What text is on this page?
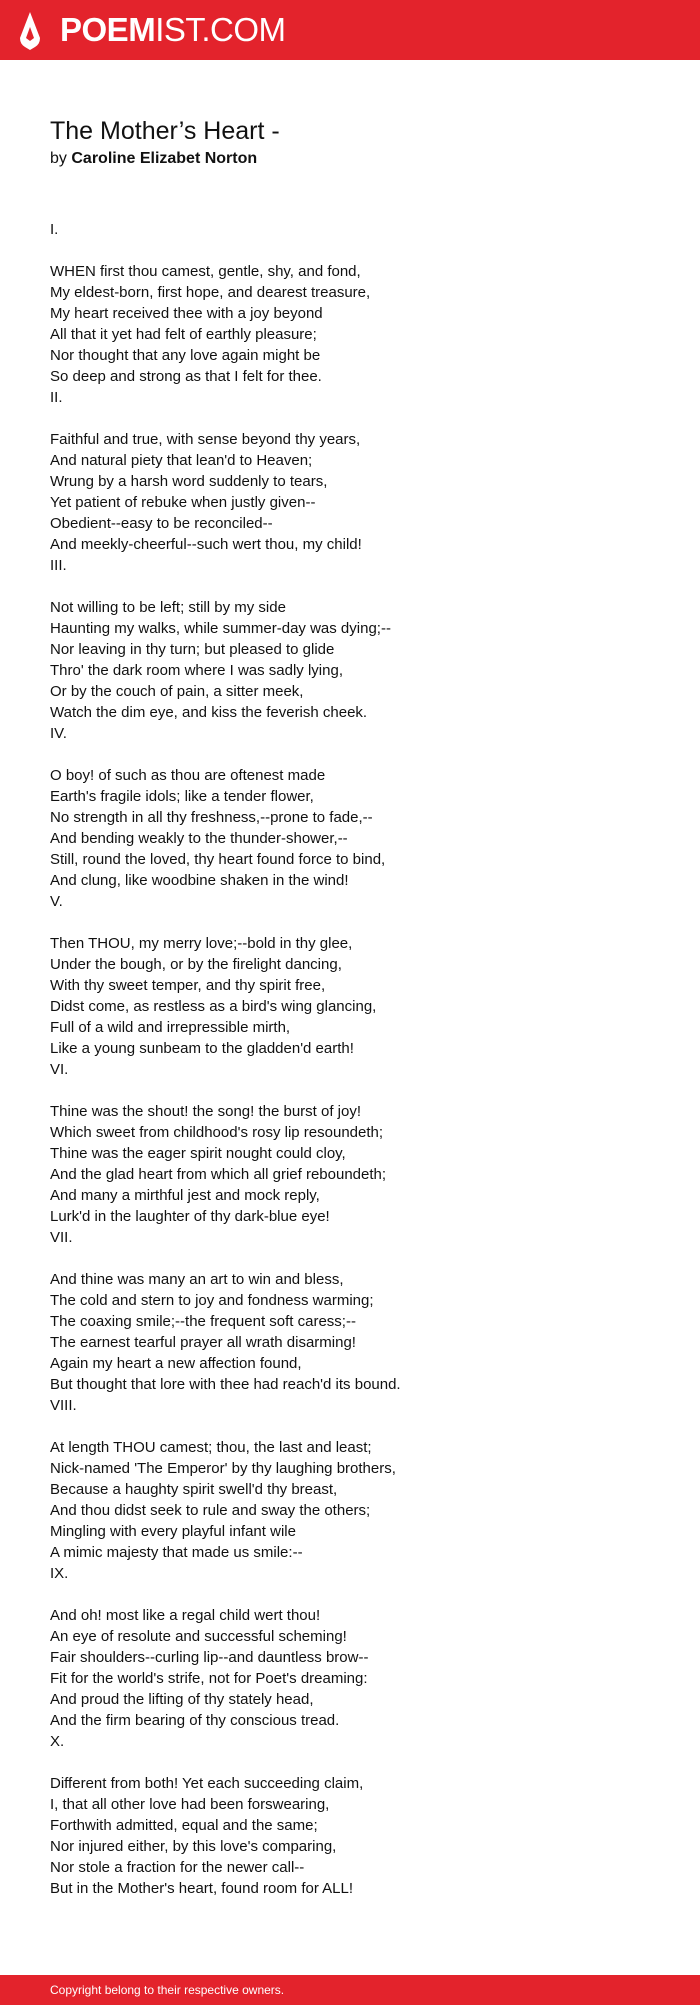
POEMIST.COM
The Mother’s Heart -
by Caroline Elizabet Norton
I.
WHEN first thou camest, gentle, shy, and fond,
My eldest-born, first hope, and dearest treasure,
My heart received thee with a joy beyond
All that it yet had felt of earthly pleasure;
Nor thought that any love again might be
So deep and strong as that I felt for thee.
II.
Faithful and true, with sense beyond thy years,
And natural piety that lean'd to Heaven;
Wrung by a harsh word suddenly to tears,
Yet patient of rebuke when justly given--
Obedient--easy to be reconciled--
And meekly-cheerful--such wert thou, my child!
III.
Not willing to be left; still by my side
Haunting my walks, while summer-day was dying;--
Nor leaving in thy turn; but pleased to glide
Thro' the dark room where I was sadly lying,
Or by the couch of pain, a sitter meek,
Watch the dim eye, and kiss the feverish cheek.
IV.
O boy! of such as thou are oftenest made
Earth's fragile idols; like a tender flower,
No strength in all thy freshness,--prone to fade,--
And bending weakly to the thunder-shower,--
Still, round the loved, thy heart found force to bind,
And clung, like woodbine shaken in the wind!
V.
Then THOU, my merry love;--bold in thy glee,
Under the bough, or by the firelight dancing,
With thy sweet temper, and thy spirit free,
Didst come, as restless as a bird's wing glancing,
Full of a wild and irrepressible mirth,
Like a young sunbeam to the gladden'd earth!
VI.
Thine was the shout! the song! the burst of joy!
Which sweet from childhood's rosy lip resoundeth;
Thine was the eager spirit nought could cloy,
And the glad heart from which all grief reboundeth;
And many a mirthful jest and mock reply,
Lurk'd in the laughter of thy dark-blue eye!
VII.
And thine was many an art to win and bless,
The cold and stern to joy and fondness warming;
The coaxing smile;--the frequent soft caress;--
The earnest tearful prayer all wrath disarming!
Again my heart a new affection found,
But thought that lore with thee had reach'd its bound.
VIII.
At length THOU camest; thou, the last and least;
Nick-named 'The Emperor' by thy laughing brothers,
Because a haughty spirit swell'd thy breast,
And thou didst seek to rule and sway the others;
Mingling with every playful infant wile
A mimic majesty that made us smile:--
IX.
And oh! most like a regal child wert thou!
An eye of resolute and successful scheming!
Fair shoulders--curling lip--and dauntless brow--
Fit for the world's strife, not for Poet's dreaming:
And proud the lifting of thy stately head,
And the firm bearing of thy conscious tread.
X.
Different from both! Yet each succeeding claim,
I, that all other love had been forswearing,
Forthwith admitted, equal and the same;
Nor injured either, by this love's comparing,
Nor stole a fraction for the newer call--
But in the Mother's heart, found room for ALL!
Copyright belong to their respective owners.
